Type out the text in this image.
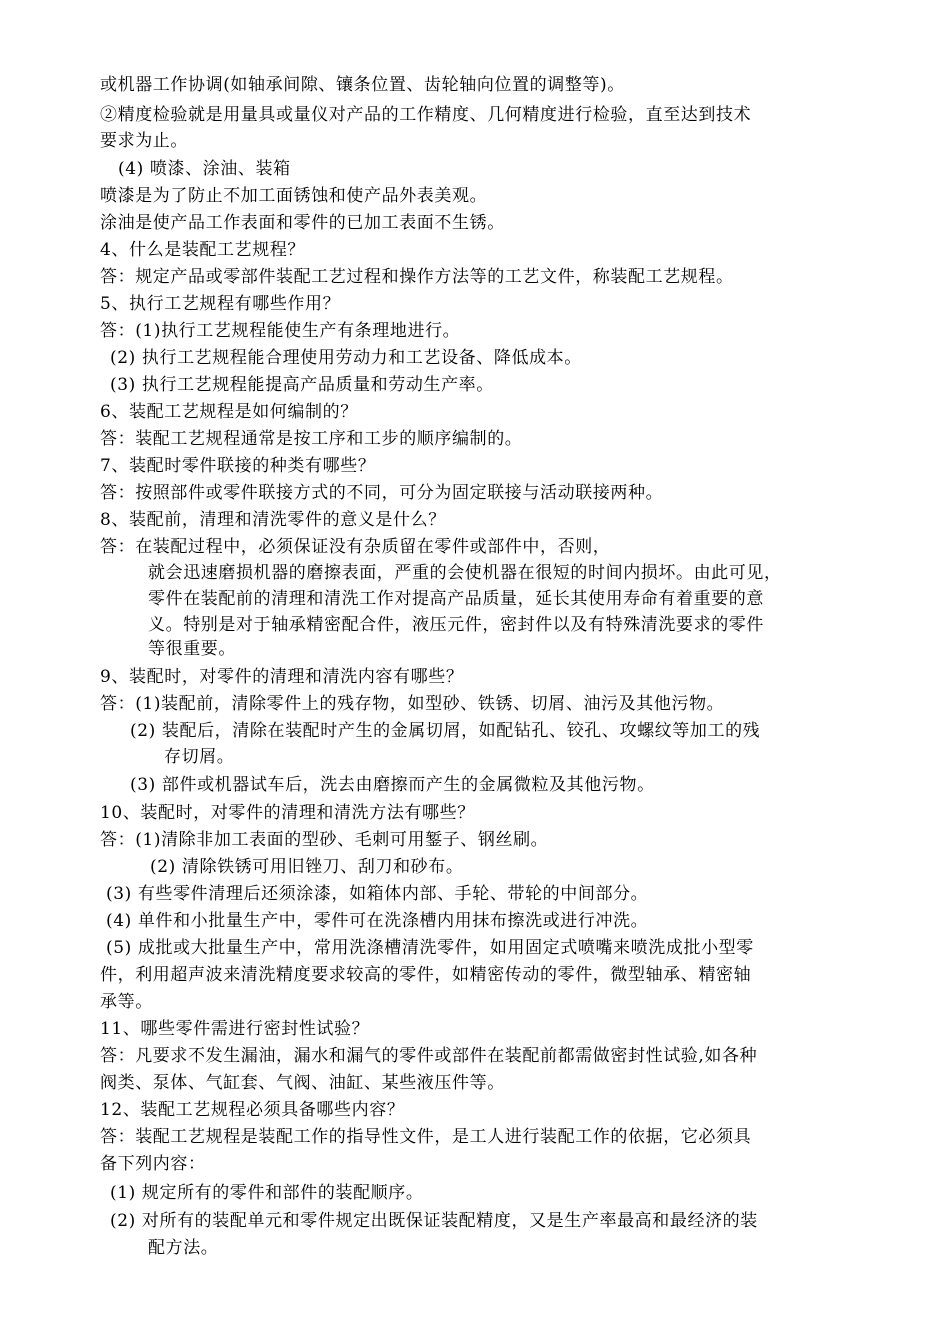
或机器工作协调(如轴承间隙、镶条位置、齿轮轴向位置的调整等)。
②精度检验就是用量具或量仪对产品的工作精度、几何精度进行检验，直至达到技术
要求为止。
(4) 喷漆、涂油、装箱
喷漆是为了防止不加工面锈蚀和使产品外表美观。
涂油是使产品工作表面和零件的已加工表面不生锈。
4、什么是装配工艺规程？
答：规定产品或零部件装配工艺过程和操作方法等的工艺文件，称装配工艺规程。
5、执行工艺规程有哪些作用？
答：(1)执行工艺规程能使生产有条理地进行。
(2) 执行工艺规程能合理使用劳动力和工艺设备、降低成本。
(3) 执行工艺规程能提高产品质量和劳动生产率。
6、装配工艺规程是如何编制的？
答：装配工艺规程通常是按工序和工步的顺序编制的。
7、装配时零件联接的种类有哪些？
答：按照部件或零件联接方式的不同，可分为固定联接与活动联接两种。
8、装配前，清理和清洗零件的意义是什么？
答：在装配过程中，必须保证没有杂质留在零件或部件中，否则，
就会迅速磨损机器的磨擦表面，严重的会使机器在很短的时间内损坏。由此可见，
零件在装配前的清理和清洗工作对提高产品质量，延长其使用寿命有着重要的意
义。特别是对于轴承精密配合件，液压元件，密封件以及有特殊清洗要求的零件
等很重要。
9、装配时，对零件的清理和清洗内容有哪些？
答：(1)装配前，清除零件上的残存物，如型砂、铁锈、切屑、油污及其他污物。
(2) 装配后，清除在装配时产生的金属切屑，如配钻孔、铰孔、攻螺纹等加工的残
存切屑。
(3) 部件或机器试车后，洗去由磨擦而产生的金属微粒及其他污物。
10、装配时，对零件的清理和清洗方法有哪些？
答：(1)清除非加工表面的型砂、毛刺可用錾子、钢丝刷。
(2) 清除铁锈可用旧锉刀、刮刀和砂布。
(3) 有些零件清理后还须涂漆，如箱体内部、手轮、带轮的中间部分。
(4) 单件和小批量生产中，零件可在洗涤槽内用抹布擦洗或进行冲洗。
(5) 成批或大批量生产中，常用洗涤槽清洗零件，如用固定式喷嘴来喷洗成批小型零
件，利用超声波来清洗精度要求较高的零件，如精密传动的零件，微型轴承、精密轴
承等。
11、哪些零件需进行密封性试验？
答：凡要求不发生漏油，漏水和漏气的零件或部件在装配前都需做密封性试验,如各种
阀类、泵体、气缸套、气阀、油缸、某些液压件等。
12、装配工艺规程必须具备哪些内容？
答：装配工艺规程是装配工作的指导性文件，是工人进行装配工作的依据，它必须具
备下列内容：
(1) 规定所有的零件和部件的装配顺序。
(2) 对所有的装配单元和零件规定出既保证装配精度，又是生产率最高和最经济的装
配方法。
